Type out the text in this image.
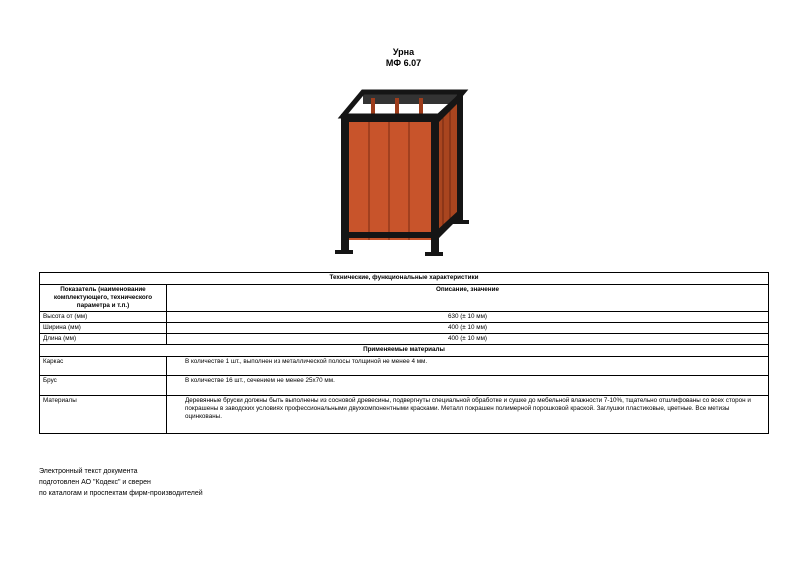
Урна
МФ 6.07
Технические, функциональные характеристики	
Показатель (наименование комплектующего, технического параметра и т.п.)	Описание, значение
Высота от (мм)	630 (± 10 мм)
Ширина (мм)	400 (± 10 мм)
Длина (мм)	400 (± 10 мм)
Применяемые материалы	
Каркас	В количестве 1 шт., выполнен из металлической полосы толщиной не менее 4 мм.
Брус	В количестве 16 шт., сечением не менее 25х70 мм.
Материалы	Деревянные бруски должны быть выполнены из сосновой древесины, подвергнуты специальной обработке и сушке до мебельной влажности 7-10%, тщательно отшлифованы со всех сторон и покрашены в заводских условиях профессиональными двухкомпонентными красками. Металл покрашен полимерной порошковой краской. Заглушки пластиковые, цветные. Все метизы оцинкованы.
Электронный текст документа
подготовлен АО "Кодекс" и сверен
по каталогам и проспектам фирм-производителей
